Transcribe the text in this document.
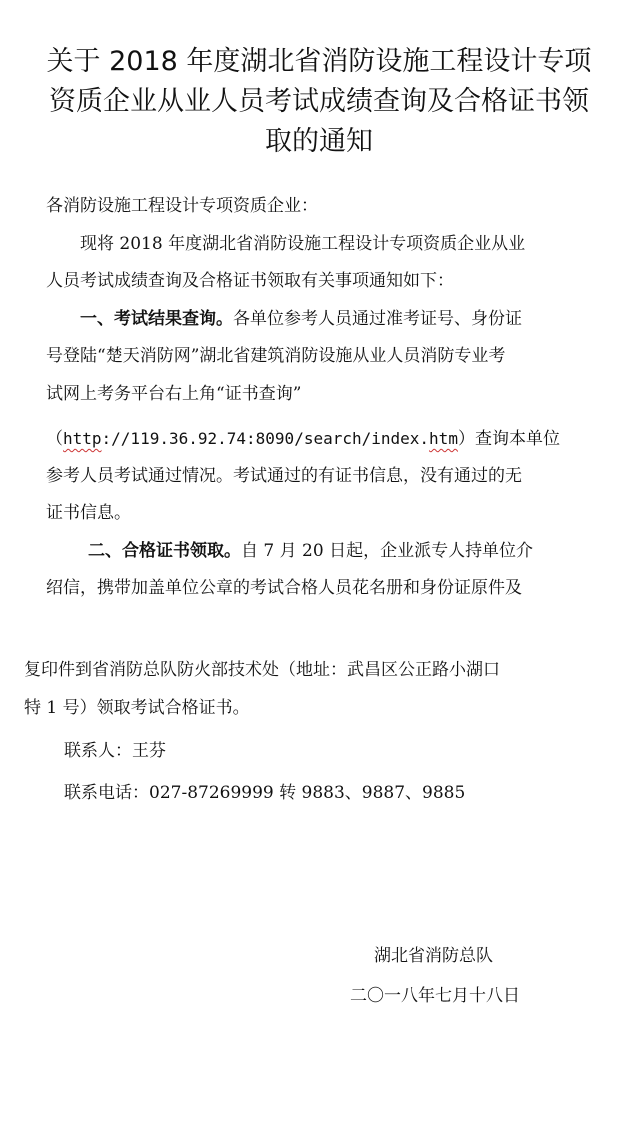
关于 2018 年度湖北省消防设施工程设计专项
资质企业从业人员考试成绩查询及合格证书领
取的通知
各消防设施工程设计专项资质企业：
现将 2018 年度湖北省消防设施工程设计专项资质企业从业
人员考试成绩查询及合格证书领取有关事项通知如下：
一、考试结果查询。各单位参考人员通过准考证号、身份证
号登陆“楚天消防网”湖北省建筑消防设施从业人员消防专业考
试网上考务平台右上角“证书查询”
（http://119.36.92.74:8090/search/index.htm）查询本单位
参考人员考试通过情况。考试通过的有证书信息，没有通过的无
证书信息。
二、合格证书领取。自 7 月 20 日起，企业派专人持单位介
绍信，携带加盖单位公章的考试合格人员花名册和身份证原件及
复印件到省消防总队防火部技术处（地址：武昌区公正路小湖口
特 1 号）领取考试合格证书。
联系人：王芬
联系电话：027-87269999 转 9883、9887、9885
湖北省消防总队
二〇一八年七月十八日
